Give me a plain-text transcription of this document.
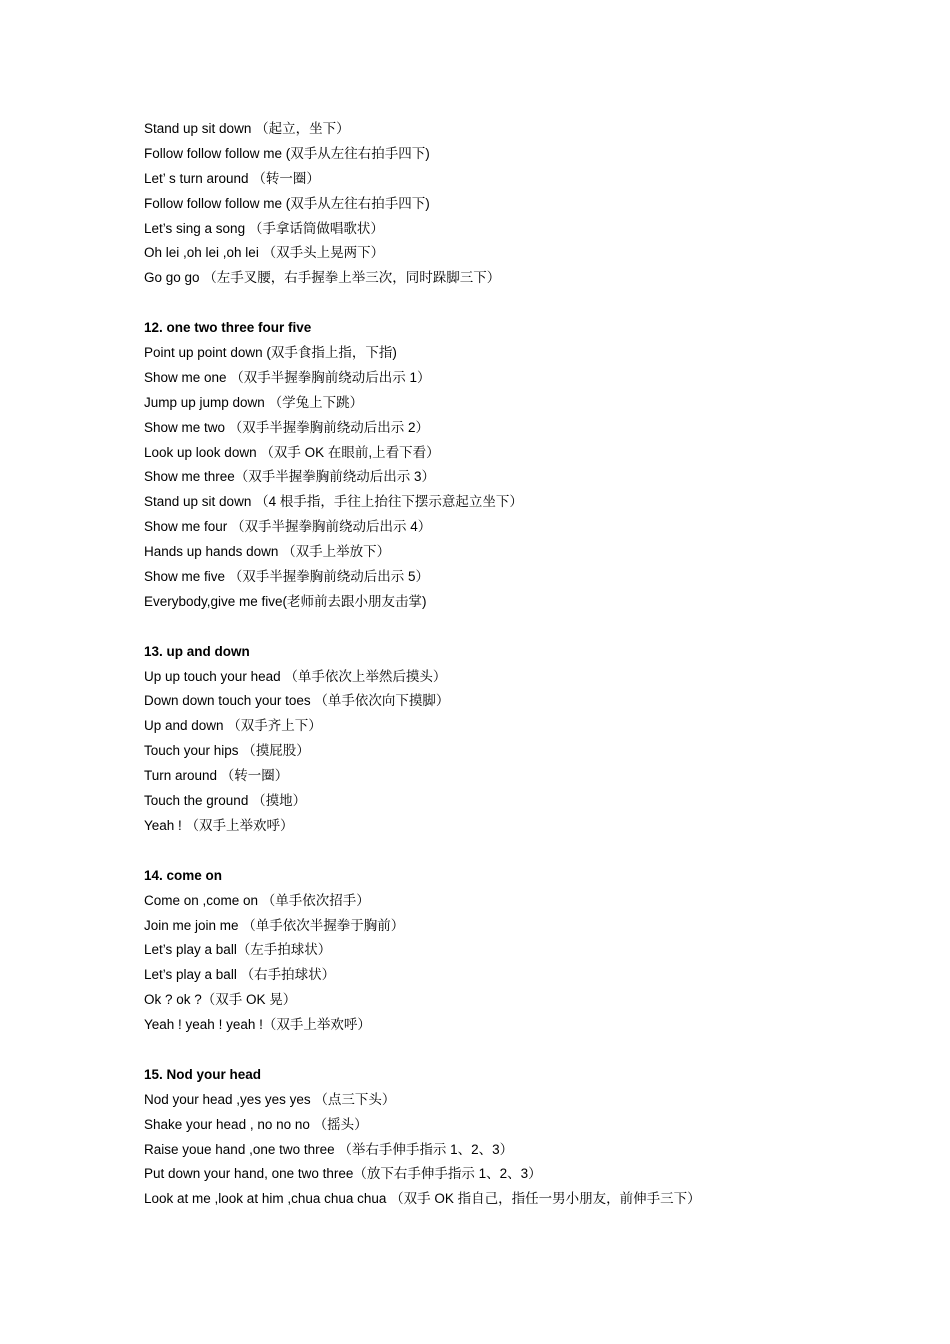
Stand up sit down （起立，坐下）
Follow follow follow me (双手从左往右拍手四下)
Let’ s turn around （转一圈）
Follow follow follow me (双手从左往右拍手四下)
Let’s sing a song （手拿话筒做唱歌状）
Oh lei ,oh lei ,oh lei （双手头上晃两下）
Go go go （左手叉腰，右手握拳上举三次，同时跺脚三下）
12. one two three four five
Point up point down (双手食指上指，下指)
Show me one （双手半握拳胸前绕动后出示 1）
Jump up jump down （学兔上下跳）
Show me two （双手半握拳胸前绕动后出示 2）
Look up look down （双手 OK 在眼前,上看下看）
Show me three（双手半握拳胸前绕动后出示 3）
Stand up sit down （4 根手指，手往上抬往下摆示意起立坐下）
Show me four （双手半握拳胸前绕动后出示 4）
Hands up hands down （双手上举放下）
Show me five （双手半握拳胸前绕动后出示 5）
Everybody,give me five(老师前去跟小朋友击掌)
13. up and down
Up up touch your head （单手依次上举然后摸头）
Down down touch your toes （单手依次向下摸脚）
Up and down （双手齐上下）
Touch your hips （摸屁股）
Turn around （转一圈）
Touch the ground （摸地）
Yeah ! （双手上举欢呼）
14. come on
Come on ,come on （单手依次招手）
Join me join me （单手依次半握拳于胸前）
Let’s play a ball（左手拍球状）
Let’s play a ball （右手拍球状）
Ok ? ok ?（双手 OK 晃）
Yeah ! yeah ! yeah !（双手上举欢呼）
15. Nod your head
Nod your head ,yes yes yes （点三下头）
Shake your head , no no no （摇头）
Raise youe hand ,one two three （举右手伸手指示 1、2、3）
Put down your hand, one two three（放下右手伸手指示 1、2、3）
Look at me ,look at him ,chua chua chua （双手 OK 指自己，指任一男小朋友，前伸手三下）
